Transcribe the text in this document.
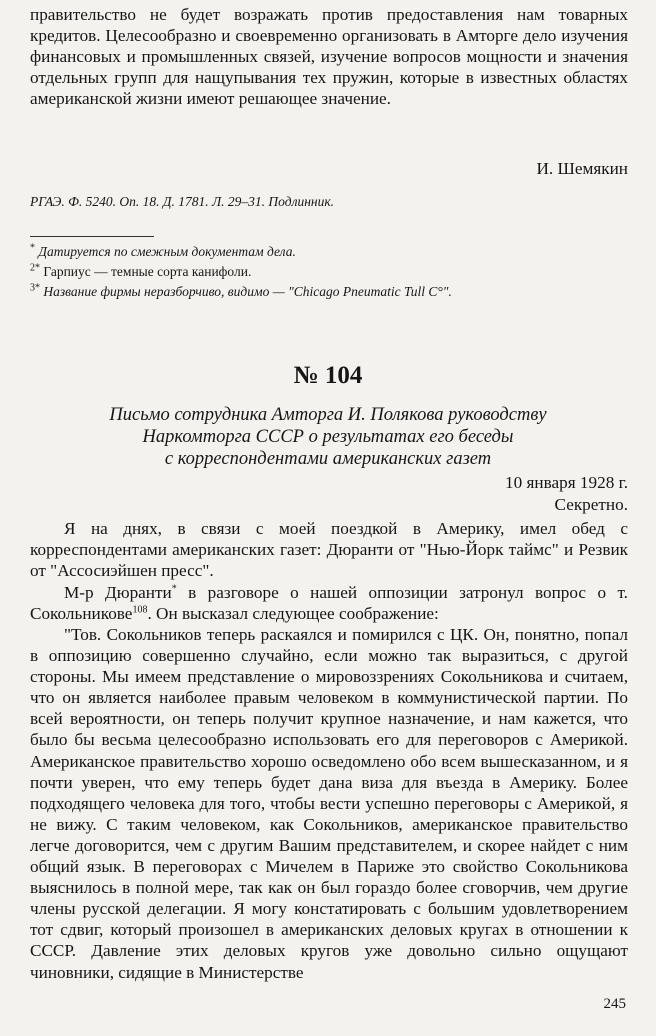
правительство не будет возражать против предоставления нам товарных кредитов. Целесообразно и своевременно организовать в Амторге дело изучения финансовых и промышленных связей, изучение вопросов мощности и значения отдельных групп для нащупывания тех пружин, которые в известных областях американской жизни имеют решающее значение.

И. Шемякин

РГАЭ. Ф. 5240. Оп. 18. Д. 1781. Л. 29–31. Подлинник.
* Датируется по смежным документам дела.
$^{2*}$ Гарпиус — темные сорта канифоли.
$^{3*}$ Название фирмы неразборчиво, видимо — "Chicago Pneumatic Tull C°".
№ 104
Письмо сотрудника Амторга И. Полякова руководству
Наркомторга СССР о результатах его беседы
с корреспондентами американских газет

10 января 1928 г.

Секретно.

Я на днях, в связи с моей поездкой в Америку, имел обед с корреспондентами американских газет: Дюранти от "Нью-Йорк таймс" и Резвик от "Ассосиэйшен пресс".

М-р Дюранти* в разговоре о нашей оппозиции затронул вопрос о т. Сокольникове$^{108}$. Он высказал следующее соображение:

"Тов. Сокольников теперь раскаялся и помирился с ЦК. Он, понятно, попал в оппозицию совершенно случайно, если можно так выразиться, с другой стороны. Мы имеем представление о мировоззрениях Сокольникова и считаем, что он является наиболее правым человеком в коммунистической партии. По всей вероятности, он теперь получит крупное назначение, и нам кажется, что было бы весьма целесообразно использовать его для переговоров с Америкой. Американское правительство хорошо осведомлено обо всем вышесказанном, и я почти уверен, что ему теперь будет дана виза для въезда в Америку. Более подходящего человека для того, чтобы вести успешно переговоры с Америкой, я не вижу. С таким человеком, как Сокольников, американское правительство легче договорится, чем с другим Вашим представителем, и скорее найдет с ним общий язык. В переговорах с Мичелем в Париже это свойство Сокольникова выяснилось в полной мере, так как он был гораздо более сговорчив, чем другие члены русской делегации. Я могу констатировать с большим удовлетворением тот сдвиг, который произошел в американских деловых кругах в отношении к СССР. Давление этих деловых кругов уже довольно сильно ощущают чиновники, сидящие в Министерстве

245
